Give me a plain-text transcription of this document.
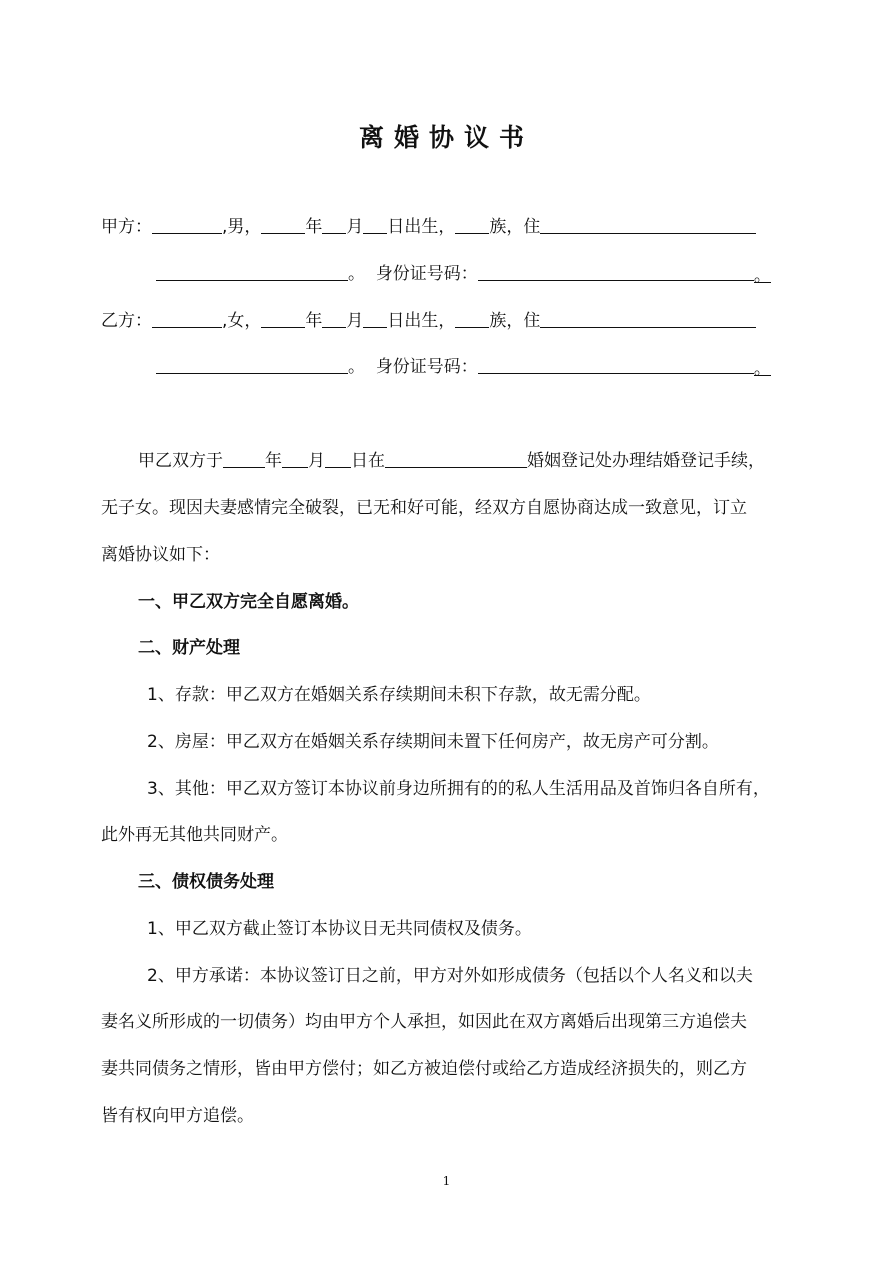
离婚协议书
甲方：	,男，	年 月 日出生， 族，住
。 身份证号码：	。
乙方：	,女，	年 月 日出生， 族，住
。 身份证号码：	。
甲乙双方于 年 月 日在	婚姻登记处办理结婚登记手续，
无子女。现因夫妻感情完全破裂，已无和好可能，经双方自愿协商达成一致意见，订立
离婚协议如下：
一、甲乙双方完全自愿离婚。
二、财产处理
1、存款：甲乙双方在婚姻关系存续期间未积下存款，故无需分配。
2、房屋：甲乙双方在婚姻关系存续期间未置下任何房产，故无房产可分割。
3、其他：甲乙双方签订本协议前身边所拥有的的私人生活用品及首饰归各自所有，
此外再无其他共同财产。
三、债权债务处理
1、甲乙双方截止签订本协议日无共同债权及债务。
2、甲方承诺：本协议签订日之前，甲方对外如形成债务（包括以个人名义和以夫
妻名义所形成的一切债务）均由甲方个人承担，如因此在双方离婚后出现第三方追偿夫
妻共同债务之情形，皆由甲方偿付；如乙方被迫偿付或给乙方造成经济损失的，则乙方
皆有权向甲方追偿。
1
